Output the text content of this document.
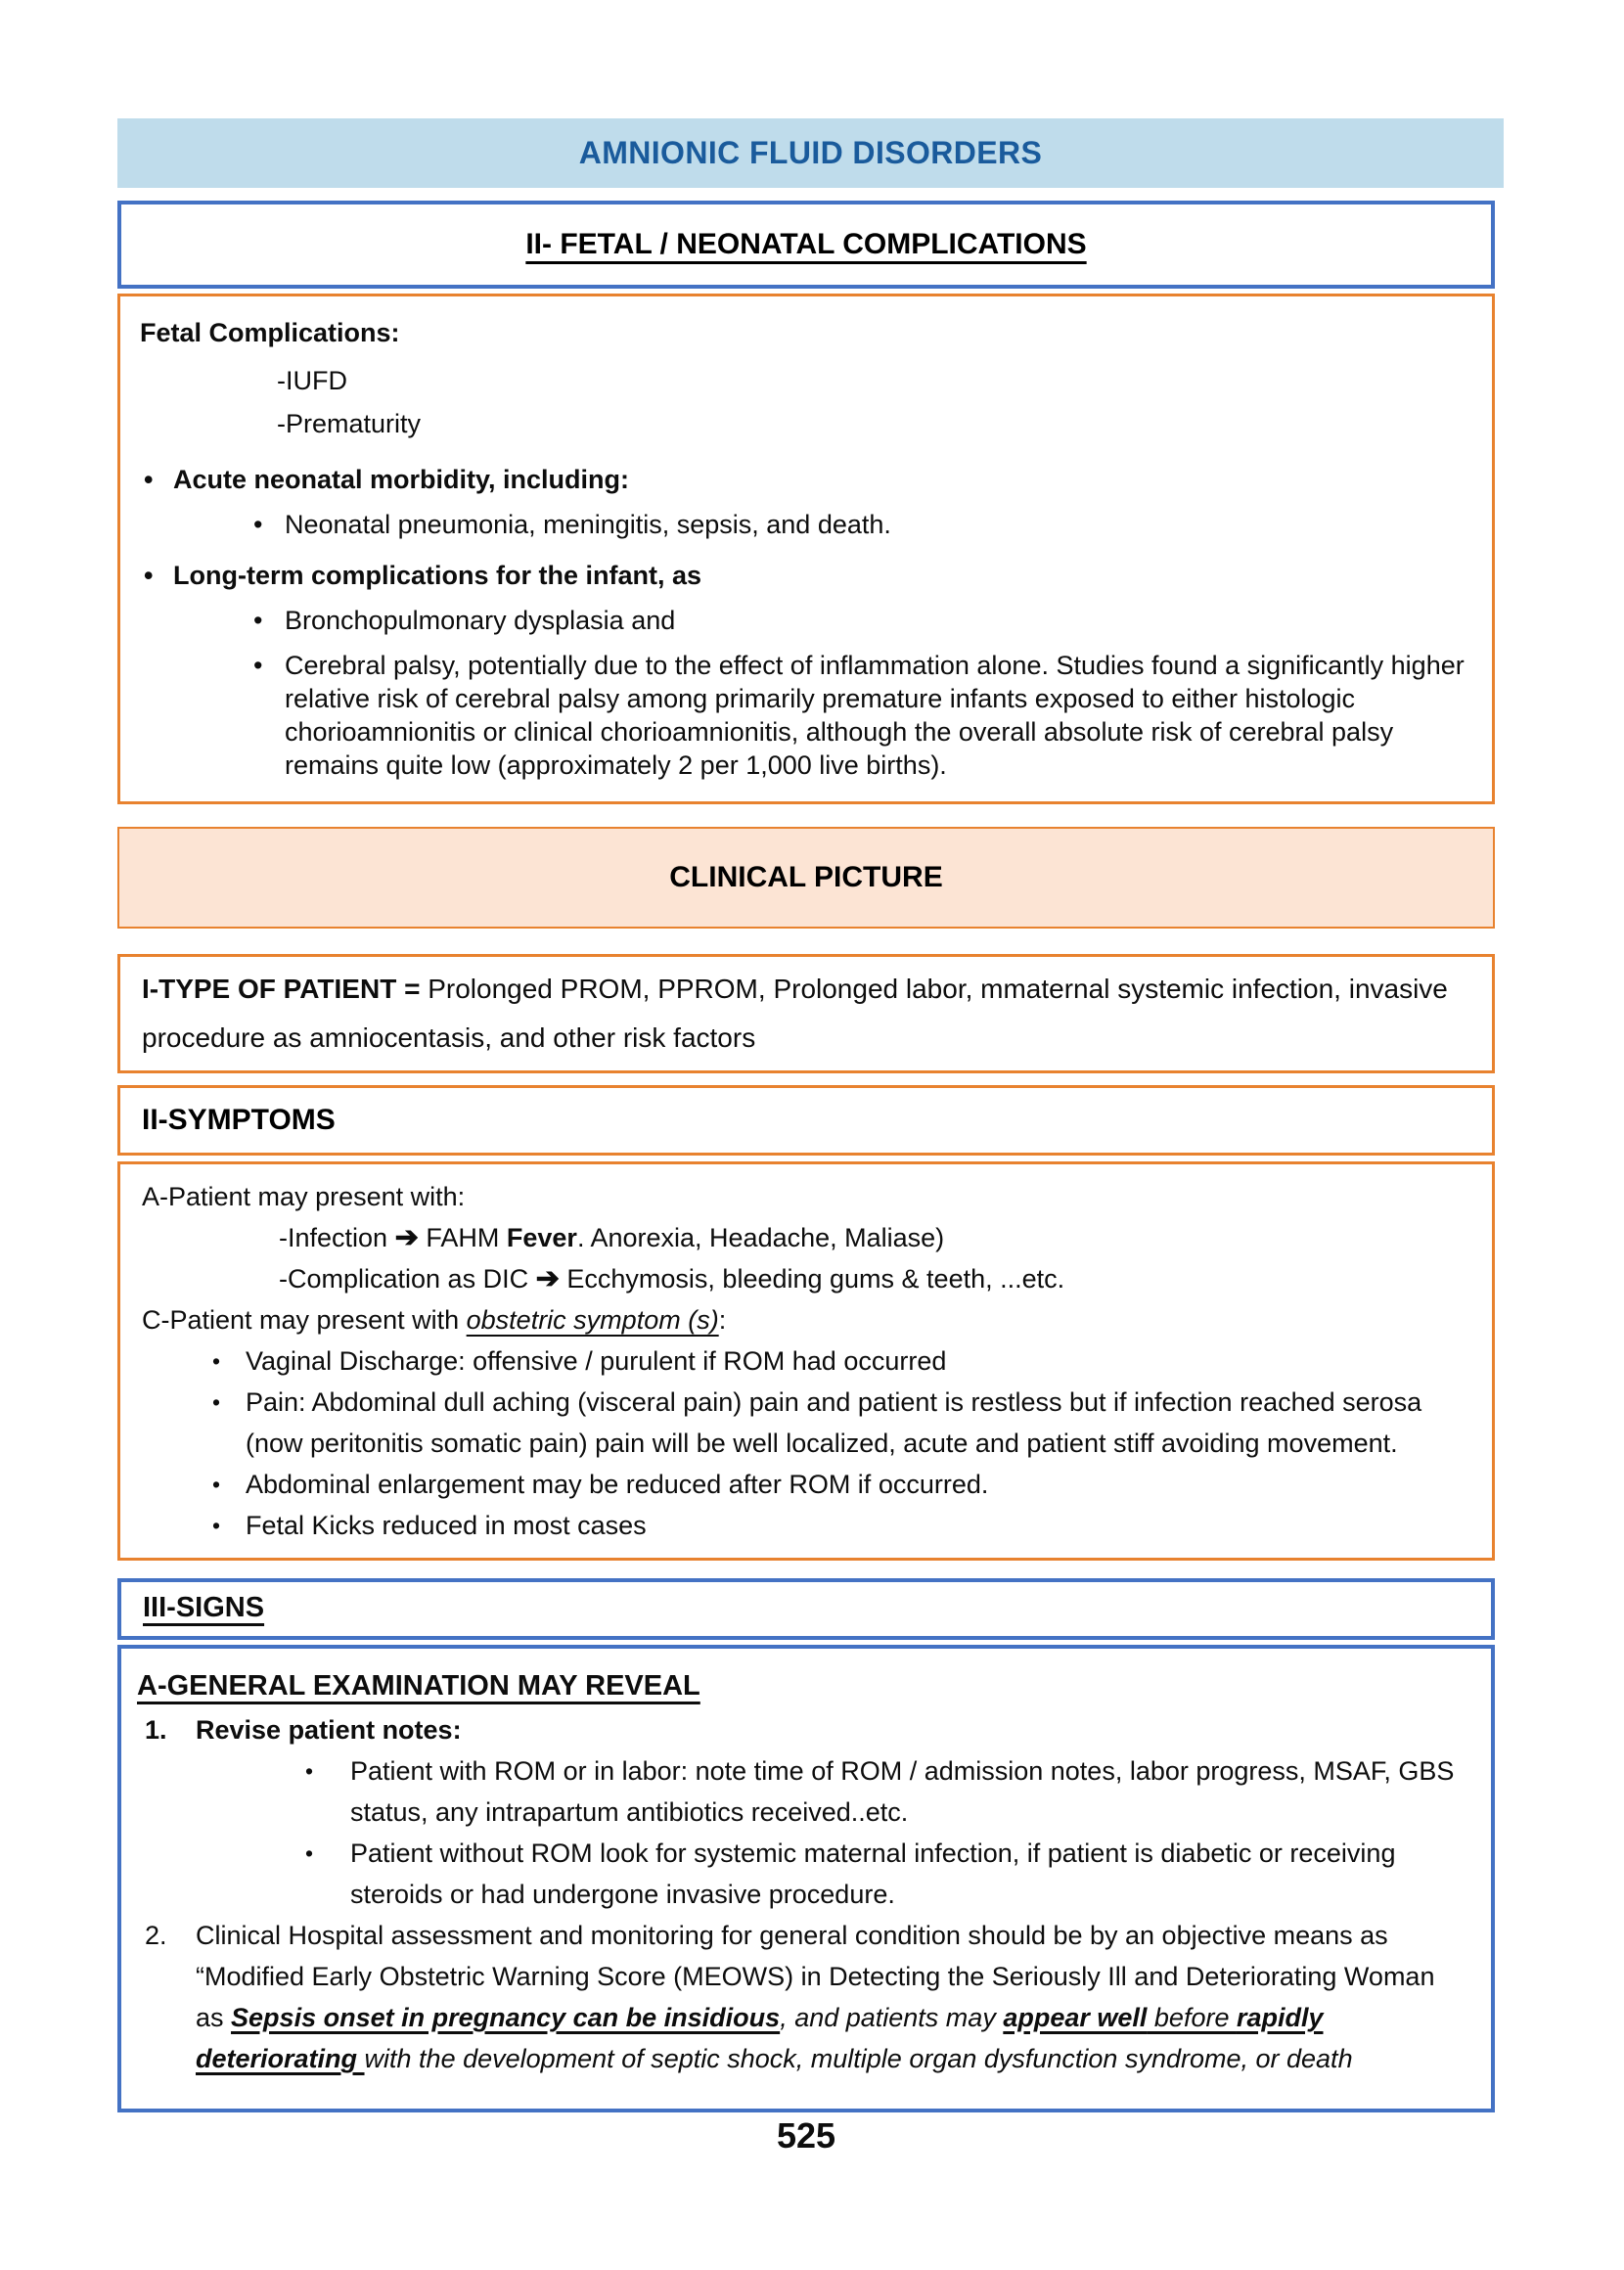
AMNIONIC FLUID DISORDERS
II- FETAL / NEONATAL COMPLICATIONS
Fetal Complications:
-IUFD
-Prematurity
• Acute neonatal morbidity, including:
• Neonatal pneumonia, meningitis, sepsis, and death.
• Long-term complications for the infant, as
• Bronchopulmonary dysplasia and
• Cerebral palsy, potentially due to the effect of inflammation alone. Studies found a significantly higher relative risk of cerebral palsy among primarily premature infants exposed to either histologic chorioamnionitis or clinical chorioamnionitis, although the overall absolute risk of cerebral palsy remains quite low (approximately 2 per 1,000 live births).
CLINICAL PICTURE
I-TYPE OF PATIENT = Prolonged PROM, PPROM, Prolonged labor, mmaternal systemic infection, invasive procedure as amniocentasis, and other risk factors
II-SYMPTOMS
A-Patient may present with:
-Infection ➔ FAHM Fever. Anorexia, Headache, Maliase)
-Complication as DIC ➔ Ecchymosis, bleeding gums & teeth, ...etc.
C-Patient may present with obstetric symptom (s):
• Vaginal Discharge: offensive / purulent if ROM had occurred
• Pain: Abdominal dull aching (visceral pain) pain and patient is restless but if infection reached serosa (now peritonitis somatic pain) pain will be well localized, acute and patient stiff avoiding movement.
• Abdominal enlargement may be reduced after ROM if occurred.
• Fetal Kicks reduced in most cases
III-SIGNS
A-GENERAL EXAMINATION MAY REVEAL
1. Revise patient notes:
• Patient with ROM or in labor: note time of ROM / admission notes, labor progress, MSAF, GBS status, any intrapartum antibiotics received..etc.
• Patient without ROM look for systemic maternal infection, if patient is diabetic or receiving steroids or had undergone invasive procedure.
2. Clinical Hospital assessment and monitoring for general condition should be by an objective means as “Modified Early Obstetric Warning Score (MEOWS) in Detecting the Seriously Ill and Deteriorating Woman as Sepsis onset in pregnancy can be insidious, and patients may appear well before rapidly deteriorating with the development of septic shock, multiple organ dysfunction syndrome, or death
525
